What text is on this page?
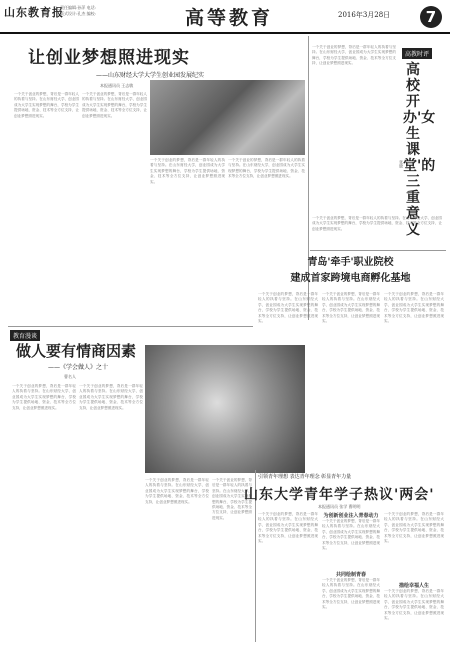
山东教育报
责任编辑:孙萍 电话:
版式设计:孔杰 编校:	高等教育	2016年3月28日	7
让创业梦想照进现实
——山东财经大学大学生创业园发展纪实
本报通讯员 王志敏
一个关于创业的梦想，背后是一群年轻人的执着与坚持。在山东财经大学，创业园成为大学生实现梦想的舞台，学校为学生提供场地、资金、技术等全方位支持，让创业梦想照进现实。
一个关于创业的梦想，背后是一群年轻人的执着与坚持。在山东财经大学，创业园成为大学生实现梦想的舞台，学校为学生提供场地、资金、技术等全方位支持，让创业梦想照进现实。
一个关于创业的梦想，背后是一群年轻人的执着与坚持。在山东财经大学，创业园成为大学生实现梦想的舞台，学校为学生提供场地、资金、技术等全方位支持，让创业梦想照进现实。
一个关于创业的梦想，背后是一群年轻人的执着与坚持。在山东财经大学，创业园成为大学生实现梦想的舞台，学校为学生提供场地、资金、技术等全方位支持，让创业梦想照进现实。
高教时评
高校开办'女生课堂'的三重意义
张晓
一个关于创业的梦想，背后是一群年轻人的执着与坚持。在山东财经大学，创业园成为大学生实现梦想的舞台，学校为学生提供场地、资金、技术等全方位支持，让创业梦想照进现实。
一个关于创业的梦想，背后是一群年轻人的执着与坚持。在山东财经大学，创业园成为大学生实现梦想的舞台，学校为学生提供场地、资金、技术等全方位支持，让创业梦想照进现实。
青岛'牵手'职业院校
建成首家跨境电商孵化基地
一个关于创业的梦想，背后是一群年轻人的执着与坚持。在山东财经大学，创业园成为大学生实现梦想的舞台，学校为学生提供场地、资金、技术等全方位支持，让创业梦想照进现实。
一个关于创业的梦想，背后是一群年轻人的执着与坚持。在山东财经大学，创业园成为大学生实现梦想的舞台，学校为学生提供场地、资金、技术等全方位支持，让创业梦想照进现实。
一个关于创业的梦想，背后是一群年轻人的执着与坚持。在山东财经大学，创业园成为大学生实现梦想的舞台，学校为学生提供场地、资金、技术等全方位支持，让创业梦想照进现实。
教育漫谈
做人要有情商因素
——《学会做人》之十
曹名人
一个关于创业的梦想，背后是一群年轻人的执着与坚持。在山东财经大学，创业园成为大学生实现梦想的舞台，学校为学生提供场地、资金、技术等全方位支持，让创业梦想照进现实。
一个关于创业的梦想，背后是一群年轻人的执着与坚持。在山东财经大学，创业园成为大学生实现梦想的舞台，学校为学生提供场地、资金、技术等全方位支持，让创业梦想照进现实。
一个关于创业的梦想，背后是一群年轻人的执着与坚持。在山东财经大学，创业园成为大学生实现梦想的舞台，学校为学生提供场地、资金、技术等全方位支持，让创业梦想照进现实。
一个关于创业的梦想，背后是一群年轻人的执着与坚持。在山东财经大学，创业园成为大学生实现梦想的舞台，学校为学生提供场地、资金、技术等全方位支持，让创业梦想照进现实。
引领青年理想 表达青年理念 彰显青年力量
山东大学青年学子热议'两会'
本报通讯员 张学 曹明明
一个关于创业的梦想，背后是一群年轻人的执着与坚持。在山东财经大学，创业园成为大学生实现梦想的舞台，学校为学生提供场地、资金、技术等全方位支持，让创业梦想照进现实。
为创新创业注入青春动力
一个关于创业的梦想，背后是一群年轻人的执着与坚持。在山东财经大学，创业园成为大学生实现梦想的舞台，学校为学生提供场地、资金、技术等全方位支持，让创业梦想照进现实。
共同绘制青春
一个关于创业的梦想，背后是一群年轻人的执着与坚持。在山东财经大学，创业园成为大学生实现梦想的舞台，学校为学生提供场地、资金、技术等全方位支持，让创业梦想照进现实。
一个关于创业的梦想，背后是一群年轻人的执着与坚持。在山东财经大学，创业园成为大学生实现梦想的舞台，学校为学生提供场地、资金、技术等全方位支持，让创业梦想照进现实。
描绘幸福人生
一个关于创业的梦想，背后是一群年轻人的执着与坚持。在山东财经大学，创业园成为大学生实现梦想的舞台，学校为学生提供场地、资金、技术等全方位支持，让创业梦想照进现实。
